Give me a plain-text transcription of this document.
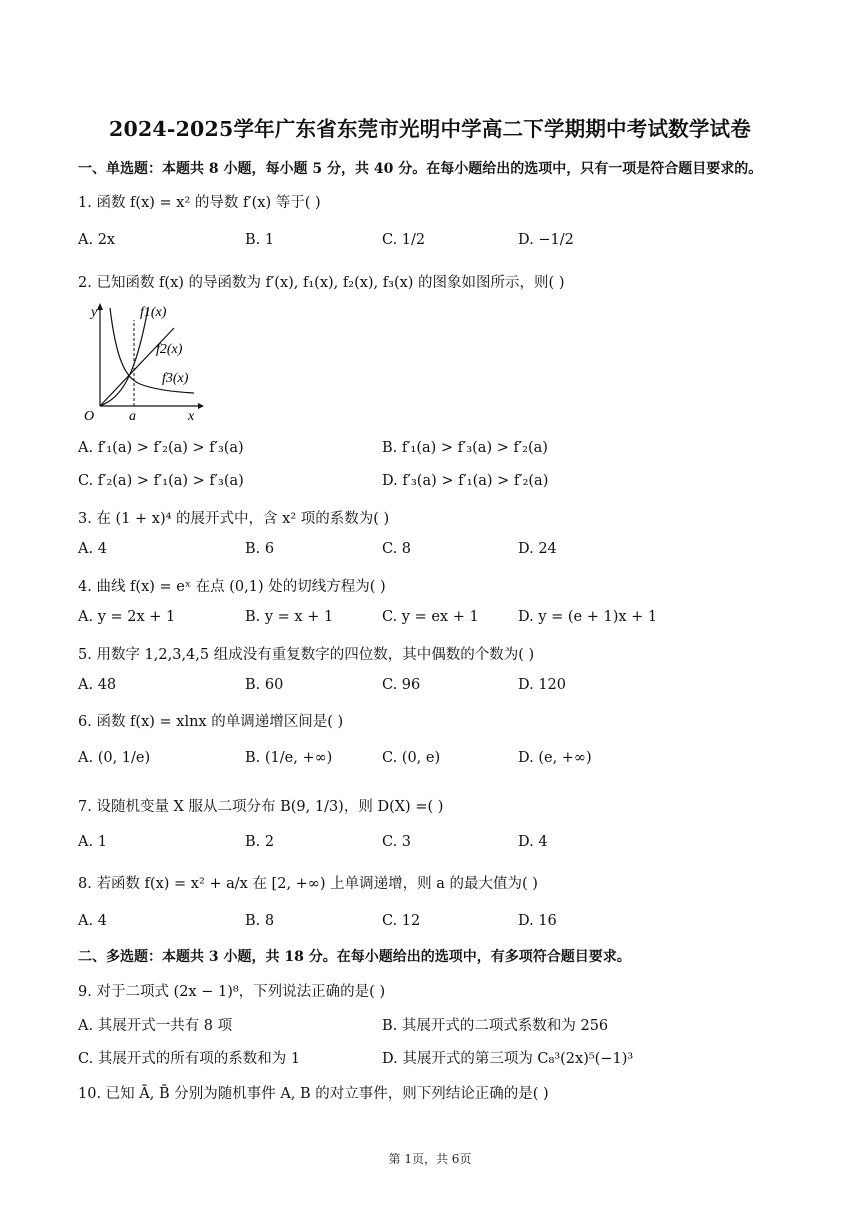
2024-2025学年广东省东莞市光明中学高二下学期期中考试数学试卷
一、单选题：本题共 8 小题，每小题 5 分，共 40 分。在每小题给出的选项中，只有一项是符合题目要求的。
1. 函数 f(x) = x² 的导数 f′(x) 等于( )
A. 2x	B. 1	C. 1/2	D. −1/2
2. 已知函数 f(x) 的导函数为 f′(x), f₁(x), f₂(x), f₃(x) 的图象如图所示，则( )
y
x
O a
f1(x)
f2(x)
f3(x)
A. f′₁(a) > f′₂(a) > f′₃(a)	B. f′₁(a) > f′₃(a) > f′₂(a)
C. f′₂(a) > f′₁(a) > f′₃(a)	D. f′₃(a) > f′₁(a) > f′₂(a)
3. 在 (1 + x)⁴ 的展开式中，含 x² 项的系数为( )
A. 4	B. 6	C. 8	D. 24
4. 曲线 f(x) = eˣ 在点 (0,1) 处的切线方程为( )
A. y = 2x + 1	B. y = x + 1	C. y = ex + 1	D. y = (e + 1)x + 1
5. 用数字 1,2,3,4,5 组成没有重复数字的四位数，其中偶数的个数为( )
A. 48	B. 60	C. 96	D. 120
6. 函数 f(x) = xlnx 的单调递增区间是( )
A. (0, 1/e)	B. (1/e, +∞)	C. (0, e)	D. (e, +∞)
7. 设随机变量 X 服从二项分布 B(9, 1/3)，则 D(X) =( )
A. 1	B. 2	C. 3	D. 4
8. 若函数 f(x) = x² + a/x 在 [2, +∞) 上单调递增，则 a 的最大值为( )
A. 4	B. 8	C. 12	D. 16
二、多选题：本题共 3 小题，共 18 分。在每小题给出的选项中，有多项符合题目要求。
9. 对于二项式 (2x − 1)⁸，下列说法正确的是( )
A. 其展开式一共有 8 项	B. 其展开式的二项式系数和为 256
C. 其展开式的所有项的系数和为 1	D. 其展开式的第三项为 C₈³(2x)⁵(−1)³
10. 已知 Ā, B̄ 分别为随机事件 A, B 的对立事件，则下列结论正确的是( )
第 1页，共 6页
